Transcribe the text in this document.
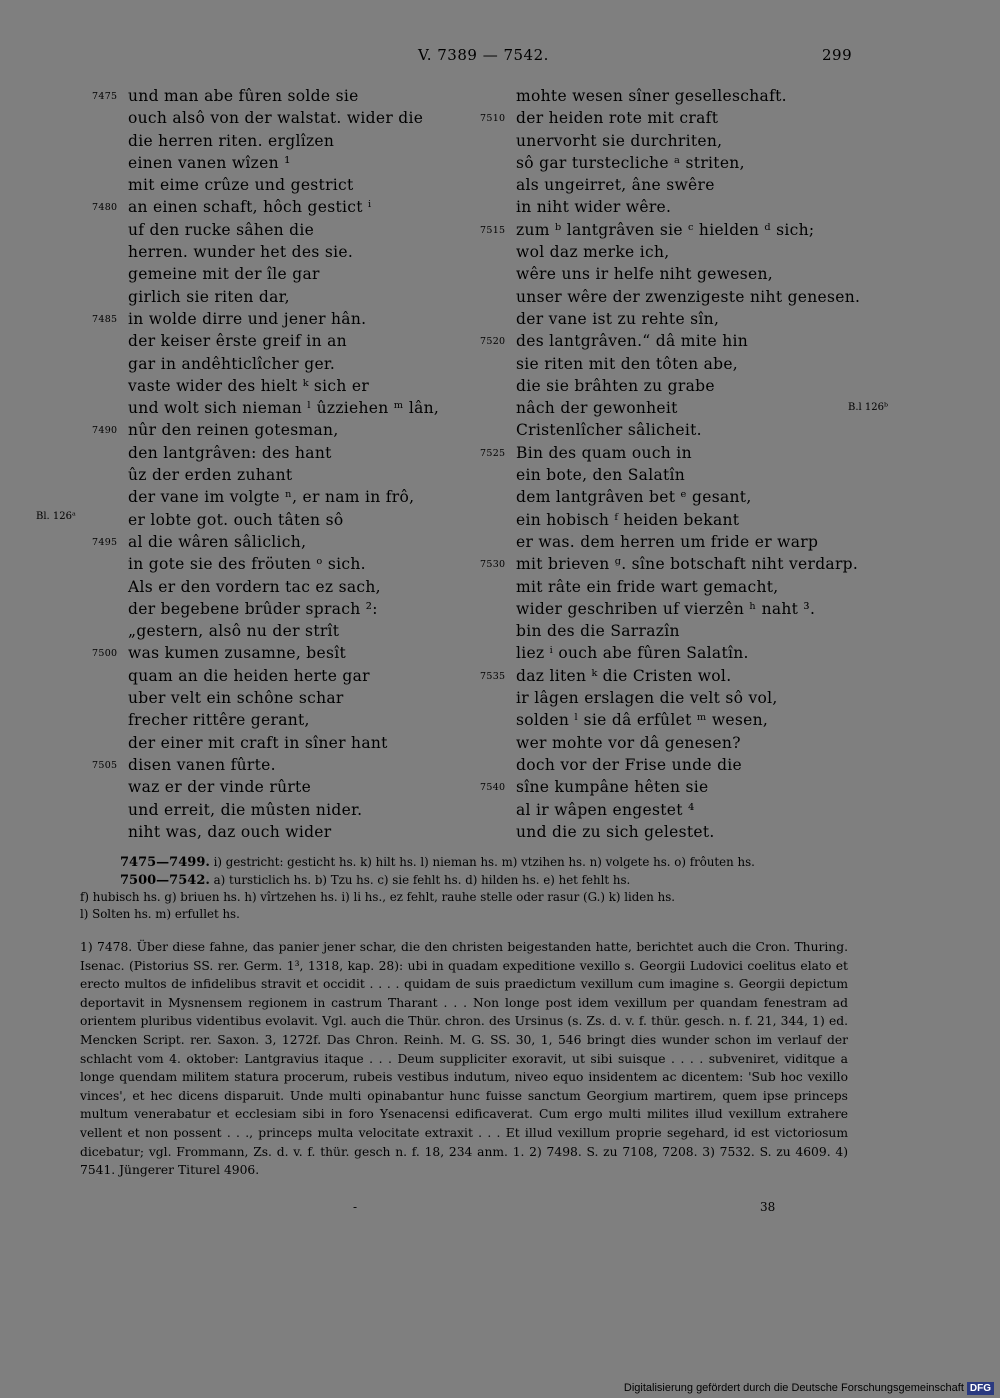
V. 7389 — 7542.	299
7475 und man abe fûren solde sie
ouch alsô von der walstat. wider die
die herren riten. erglîzen
einen vanen wîzen ¹
mit eime crûze und gestrict
7480 an einen schaft, hôch gestict ⁱ
uf den rucke sâhen die
herren. wunder het des sie.
gemeine mit der île gar
girlich sie riten dar,
7485 in wolde dirre und jener hân.
der keiser êrste greif in an
gar in andêhticlîcher ger.
vaste wider des hielt ᵏ sich er
und wolt sich nieman ˡ ûzziehen ᵐ lân,
7490 nûr den reinen gotesman,
den lantgrâven: des hant
ûz der erden zuhant
der vane im volgte ⁿ, er nam in frô,
er lobte got. ouch tâten sô
7495 al die wâren sâliclich,
in gote sie des fröuten ᵒ sich.
Als er den vordern tac ez sach,
der begebene brûder sprach ²:
„gestern, alsô nu der strît
7500 was kumen zusamne, besît
quam an die heiden herte gar
uber velt ein schône schar
frecher rittêre gerant,
der einer mit craft in sîner hant
7505 disen vanen fûrte.
waz er der vinde rûrte
und erreit, die mûsten nider.
niht was, daz ouch wider
mohte wesen sîner geselleschaft.
7510 der heiden rote mit craft
unervorht sie durchriten,
sô gar turstecliche ᵃ striten,
als ungeirret, âne swêre
in niht wider wêre.
7515 zum ᵇ lantgrâven sie ᶜ hielden ᵈ sich;
wol daz merke ich,
wêre uns ir helfe niht gewesen,
unser wêre der zwenzigeste niht genesen.
der vane ist zu rehte sîn,
7520 des lantgrâven.“ dâ mite hin
sie riten mit den tôten abe,
die sie brâhten zu grabe
nâch der gewonheit
Cristenlîcher sâlicheit.
7525 Bin des quam ouch in
ein bote, den Salatîn
dem lantgrâven bet ᵉ gesant,
ein hobisch ᶠ heiden bekant
er was. dem herren um fride er warp
7530 mit brieven ᵍ. sîne botschaft niht verdarp.
mit râte ein fride wart gemacht,
wider geschriben uf vierzên ʰ naht ³.
bin des die Sarrazîn
liez ⁱ ouch abe fûren Salatîn.
7535 daz liten ᵏ die Cristen wol.
ir lâgen erslagen die velt sô vol,
solden ˡ sie dâ erfûlet ᵐ wesen,
wer mohte vor dâ genesen?
doch vor der Frise unde die
7540 sîne kumpâne hêten sie
al ir wâpen engestet ⁴
und die zu sich gelestet.
Bl. 126ᵃ
B.l 126ᵇ
7475—7499. i) gestricht: gesticht hs. k) hilt hs. l) nieman hs. m) vtzihen hs. n) volgete hs. o) frôuten hs.
7500—7542. a) tursticlich hs. b) Tzu hs. c) sie fehlt hs. d) hilden hs. e) het fehlt hs.
f) hubisch hs. g) briuen hs. h) vîrtzehen hs. i) li hs., ez fehlt, rauhe stelle oder rasur (G.) k) liden hs.
l) Solten hs. m) erfullet hs.

1) 7478. Über diese fahne, das panier jener schar, die den christen beigestanden hatte, berichtet auch die Cron. Thuring. Isenac. (Pistorius SS. rer. Germ. 1³, 1318, kap. 28): ubi in quadam expeditione vexillo s. Georgii Ludovici coelitus elato et erecto multos de infidelibus stravit et occidit . . . . quidam de suis praedictum vexillum cum imagine s. Georgii depictum deportavit in Mysnensem regionem in castrum Tharant . . . Non longe post idem vexillum per quandam fenestram ad orientem pluribus videntibus evolavit. Vgl. auch die Thür. chron. des Ursinus (s. Zs. d. v. f. thür. gesch. n. f. 21, 344, 1) ed. Mencken Script. rer. Saxon. 3, 1272f. Das Chron. Reinh. M. G. SS. 30, 1, 546 bringt dies wunder schon im verlauf der schlacht vom 4. oktober: Lantgravius itaque . . . Deum suppliciter exoravit, ut sibi suisque . . . . subveniret, viditque a longe quendam militem statura procerum, rubeis vestibus indutum, niveo equo insidentem ac dicentem: 'Sub hoc vexillo vinces', et hec dicens disparuit. Unde multi opinabantur hunc fuisse sanctum Georgium martirem, quem ipse princeps multum venerabatur et ecclesiam sibi in foro Ysenacensi edificaverat. Cum ergo multi milites illud vexillum extrahere vellent et non possent . . ., princeps multa velocitate extraxit . . . Et illud vexillum proprie segehard, id est victoriosum dicebatur; vgl. Frommann, Zs. d. v. f. thür. gesch n. f. 18, 234 anm. 1. 2) 7498. S. zu 7108, 7208. 3) 7532. S. zu 4609. 4) 7541. Jüngerer Titurel 4906.

-	38
Digitalisierung gefördert durch die Deutsche Forschungsgemeinschaft DFG
